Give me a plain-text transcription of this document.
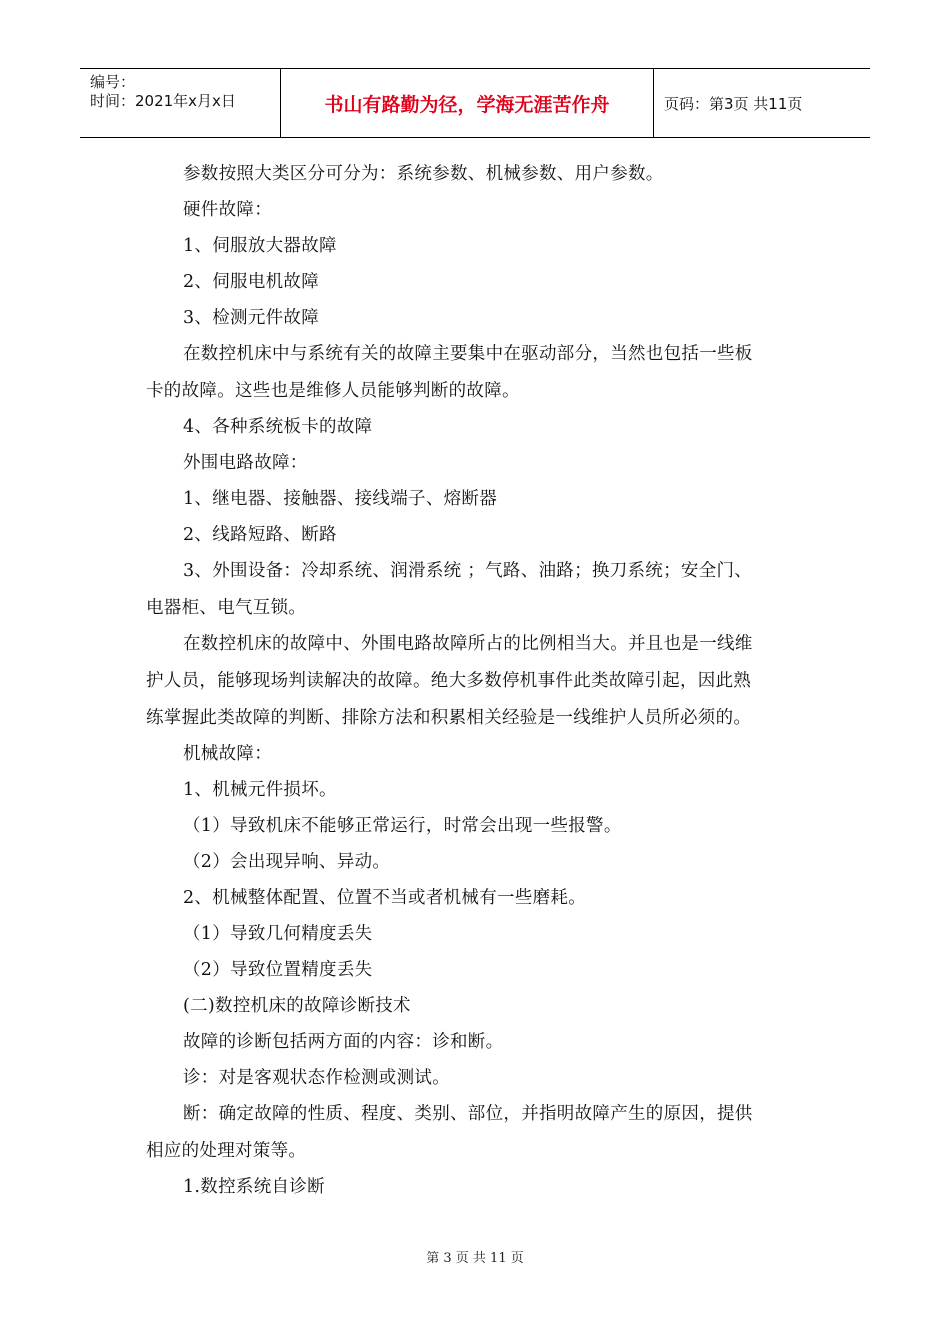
编号：
时间：2021年x月x日	书山有路勤为径，学海无涯苦作舟	页码：第3页 共11页
参数按照大类区分可分为：系统参数、机械参数、用户参数。
硬件故障：
1、伺服放大器故障
2、伺服电机故障
3、检测元件故障
在数控机床中与系统有关的故障主要集中在驱动部分，当然也包括一些板
卡的故障。这些也是维修人员能够判断的故障。
4、各种系统板卡的故障
外围电路故障：
1、继电器、接触器、接线端子、熔断器
2、线路短路、断路
3、外围设备：冷却系统、润滑系统 ；气路、油路；换刀系统；安全门、
电器柜、电气互锁。
在数控机床的故障中、外围电路故障所占的比例相当大。并且也是一线维
护人员，能够现场判读解决的故障。绝大多数停机事件此类故障引起，因此熟
练掌握此类故障的判断、排除方法和积累相关经验是一线维护人员所必须的。
机械故障：
1、机械元件损坏。
（1）导致机床不能够正常运行，时常会出现一些报警。
（2）会出现异响、异动。
2、机械整体配置、位置不当或者机械有一些磨耗。
（1）导致几何精度丢失
（2）导致位置精度丢失
(二)数控机床的故障诊断技术
故障的诊断包括两方面的内容：诊和断。
诊：对是客观状态作检测或测试。
断：确定故障的性质、程度、类别、部位，并指明故障产生的原因，提供
相应的处理对策等。
1.数控系统自诊断
第 3 页 共 11 页
